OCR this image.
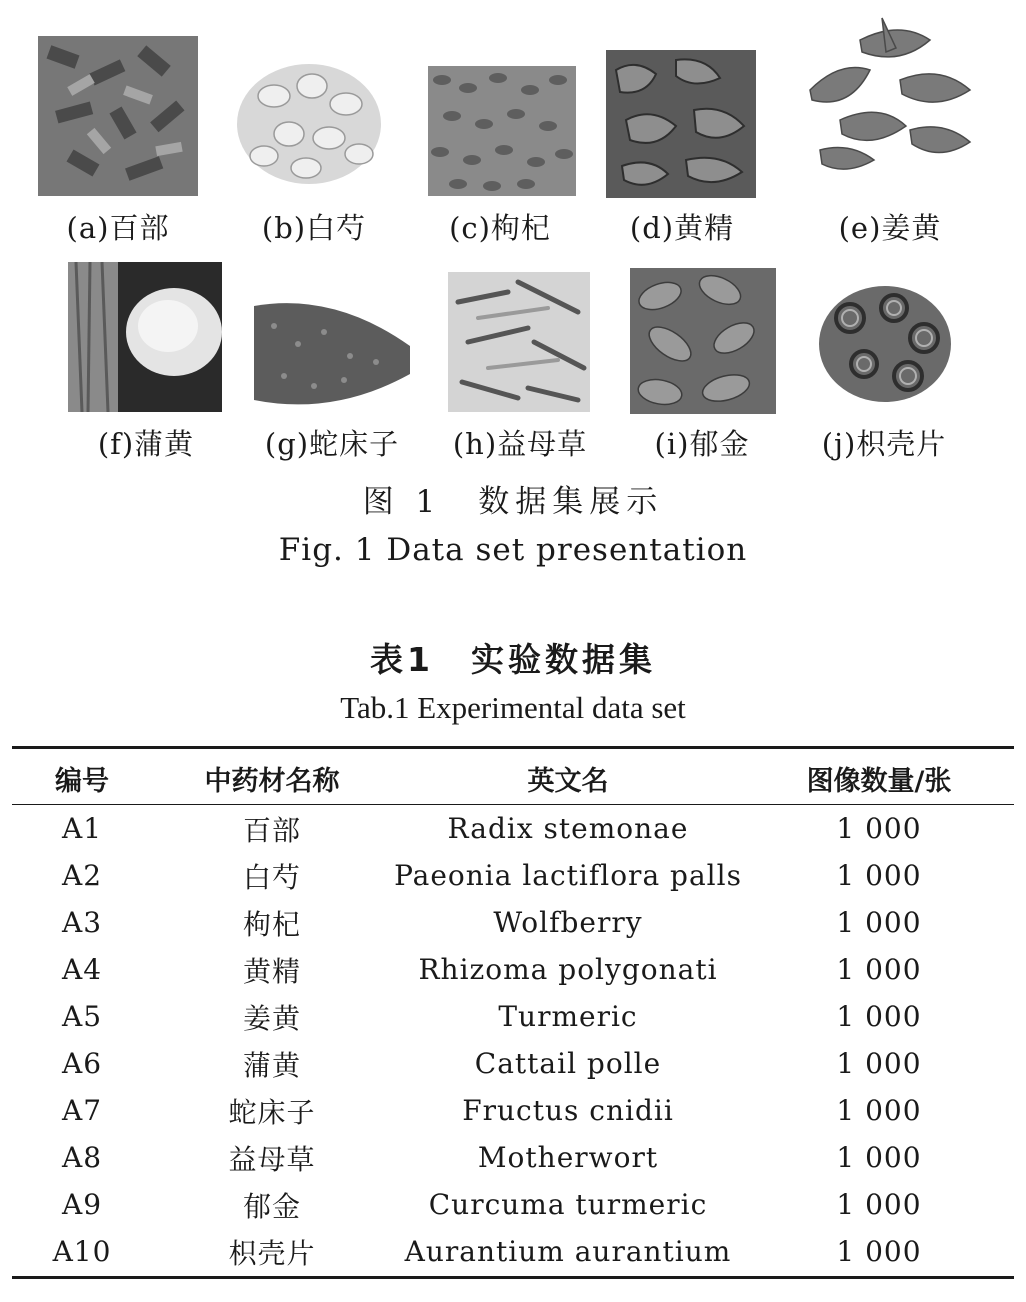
(a)百部	(b)白芍	(c)枸杞	(d)黄精	(e)姜黄
(f)蒲黄	(g)蛇床子	(h)益母草	(i)郁金	(j)枳壳片
图 1　数据集展示
Fig. 1 Data set presentation
表1　实验数据集
Tab.1 Experimental data set
编号	中药材名称	英文名	图像数量/张

A1	百部	Radix stemonae	1 000
A2	白芍	Paeonia lactiflora palls	1 000
A3	枸杞	Wolfberry	1 000
A4	黄精	Rhizoma polygonati	1 000
A5	姜黄	Turmeric	1 000
A6	蒲黄	Cattail polle	1 000
A7	蛇床子	Fructus cnidii	1 000
A8	益母草	Motherwort	1 000
A9	郁金	Curcuma turmeric	1 000
A10	枳壳片	Aurantium aurantium	1 000
